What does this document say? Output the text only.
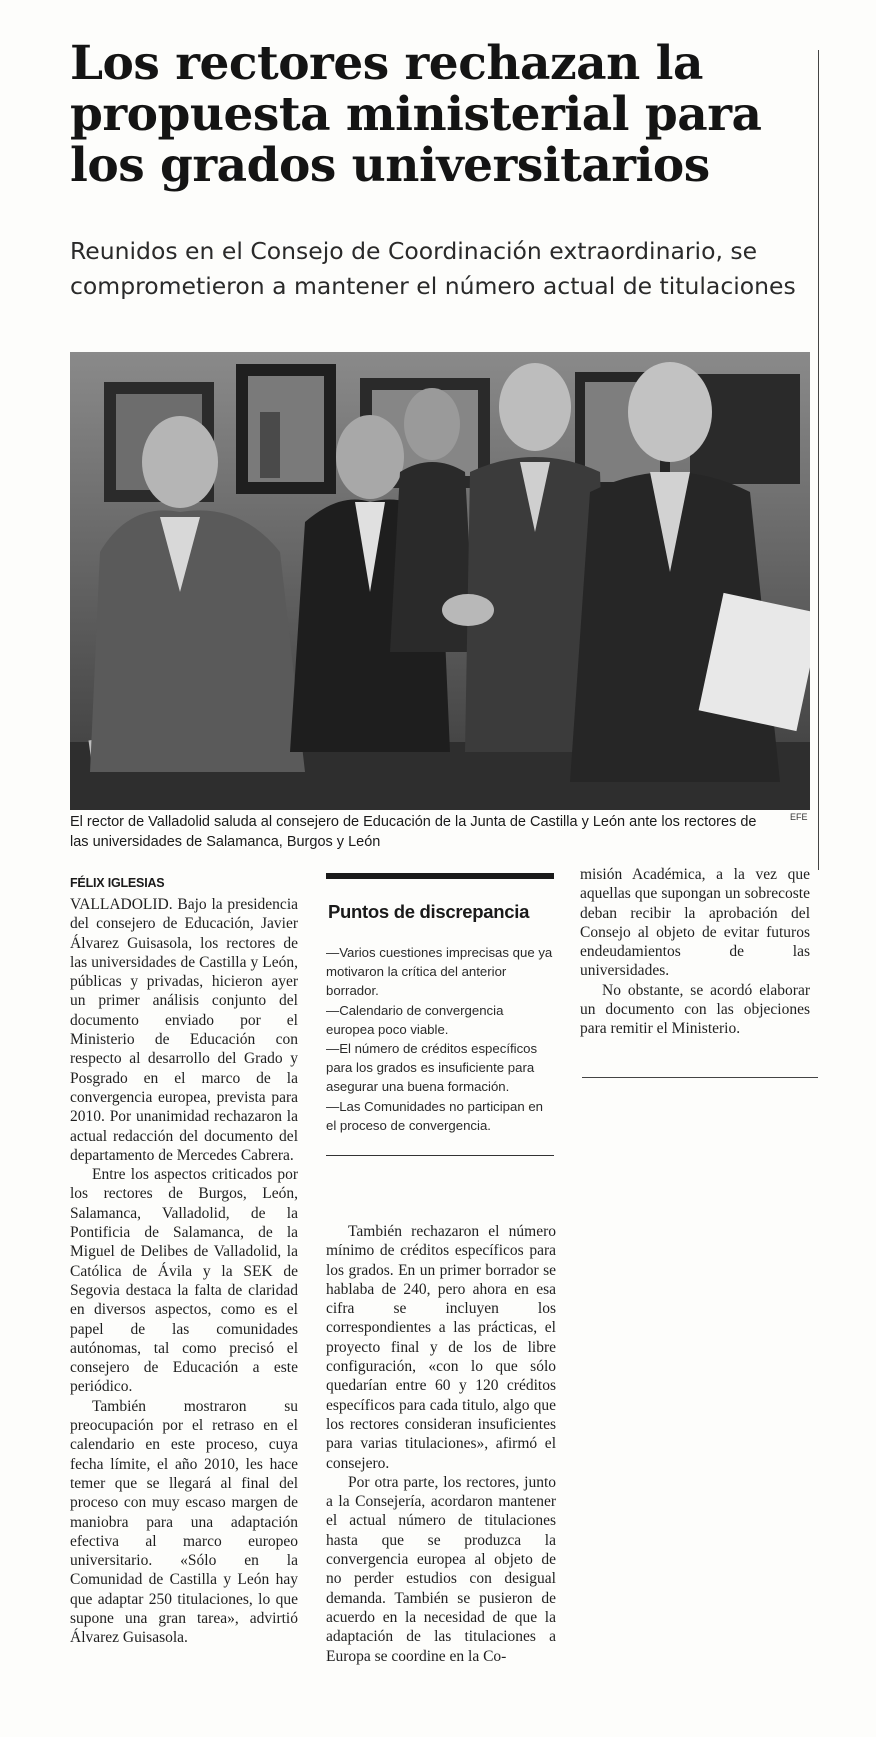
Los rectores rechazan la propuesta ministerial para los grados universitarios

Reunidos en el Consejo de Coordinación extraordinario, se comprometieron a mantener el número actual de titulaciones

EFE

El rector de Valladolid saluda al consejero de Educación de la Junta de Castilla y León ante los rectores de las universidades de Salamanca, Burgos y León

FÉLIX IGLESIAS

VALLADOLID. Bajo la presidencia del consejero de Educación, Javier Álvarez Guisasola, los rectores de las universidades de Castilla y León, públicas y privadas, hicieron ayer un primer análisis conjunto del documento enviado por el Ministerio de Educación con respecto al desarrollo del Grado y Posgrado en el marco de la convergencia europea, prevista para 2010. Por unanimidad rechazaron la actual redacción del documento del departamento de Mercedes Cabrera.

Entre los aspectos criticados por los rectores de Burgos, León, Salamanca, Valladolid, de la Pontificia de Salamanca, de la Miguel de Delibes de Valladolid, la Católica de Ávila y la SEK de Segovia destaca la falta de claridad en diversos aspectos, como es el papel de las comunidades autónomas, tal como precisó el consejero de Educación a este periódico.

También mostraron su preocupación por el retraso en el calendario en este proceso, cuya fecha límite, el año 2010, les hace temer que se llegará al final del proceso con muy escaso margen de maniobra para una adaptación efectiva al marco europeo universitario. «Sólo en la Comunidad de Castilla y León hay que adaptar 250 titulaciones, lo que supone una gran tarea», advirtió Álvarez Guisasola.

Puntos de discrepancia

—Varios cuestiones imprecisas que ya motivaron la crítica del anterior borrador.

—Calendario de convergencia europea poco viable.

—El número de créditos específicos para los grados es insuficiente para asegurar una buena formación.

—Las Comunidades no participan en el proceso de convergencia.

También rechazaron el número mínimo de créditos específicos para los grados. En un primer borrador se hablaba de 240, pero ahora en esa cifra se incluyen los correspondientes a las prácticas, el proyecto final y de los de libre configuración, «con lo que sólo quedarían entre 60 y 120 créditos específicos para cada titulo, algo que los rectores consideran insuficientes para varias titulaciones», afirmó el consejero.

Por otra parte, los rectores, junto a la Consejería, acordaron mantener el actual número de titulaciones hasta que se produzca la convergencia europea al objeto de no perder estudios con desigual demanda. También se pusieron de acuerdo en la necesidad de que la adaptación de las titulaciones a Europa se coordine en la Co-

misión Académica, a la vez que aquellas que supongan un sobrecoste deban recibir la aprobación del Consejo al objeto de evitar futuros endeudamientos de las universidades.

No obstante, se acordó elaborar un documento con las objeciones para remitir el Ministerio.
